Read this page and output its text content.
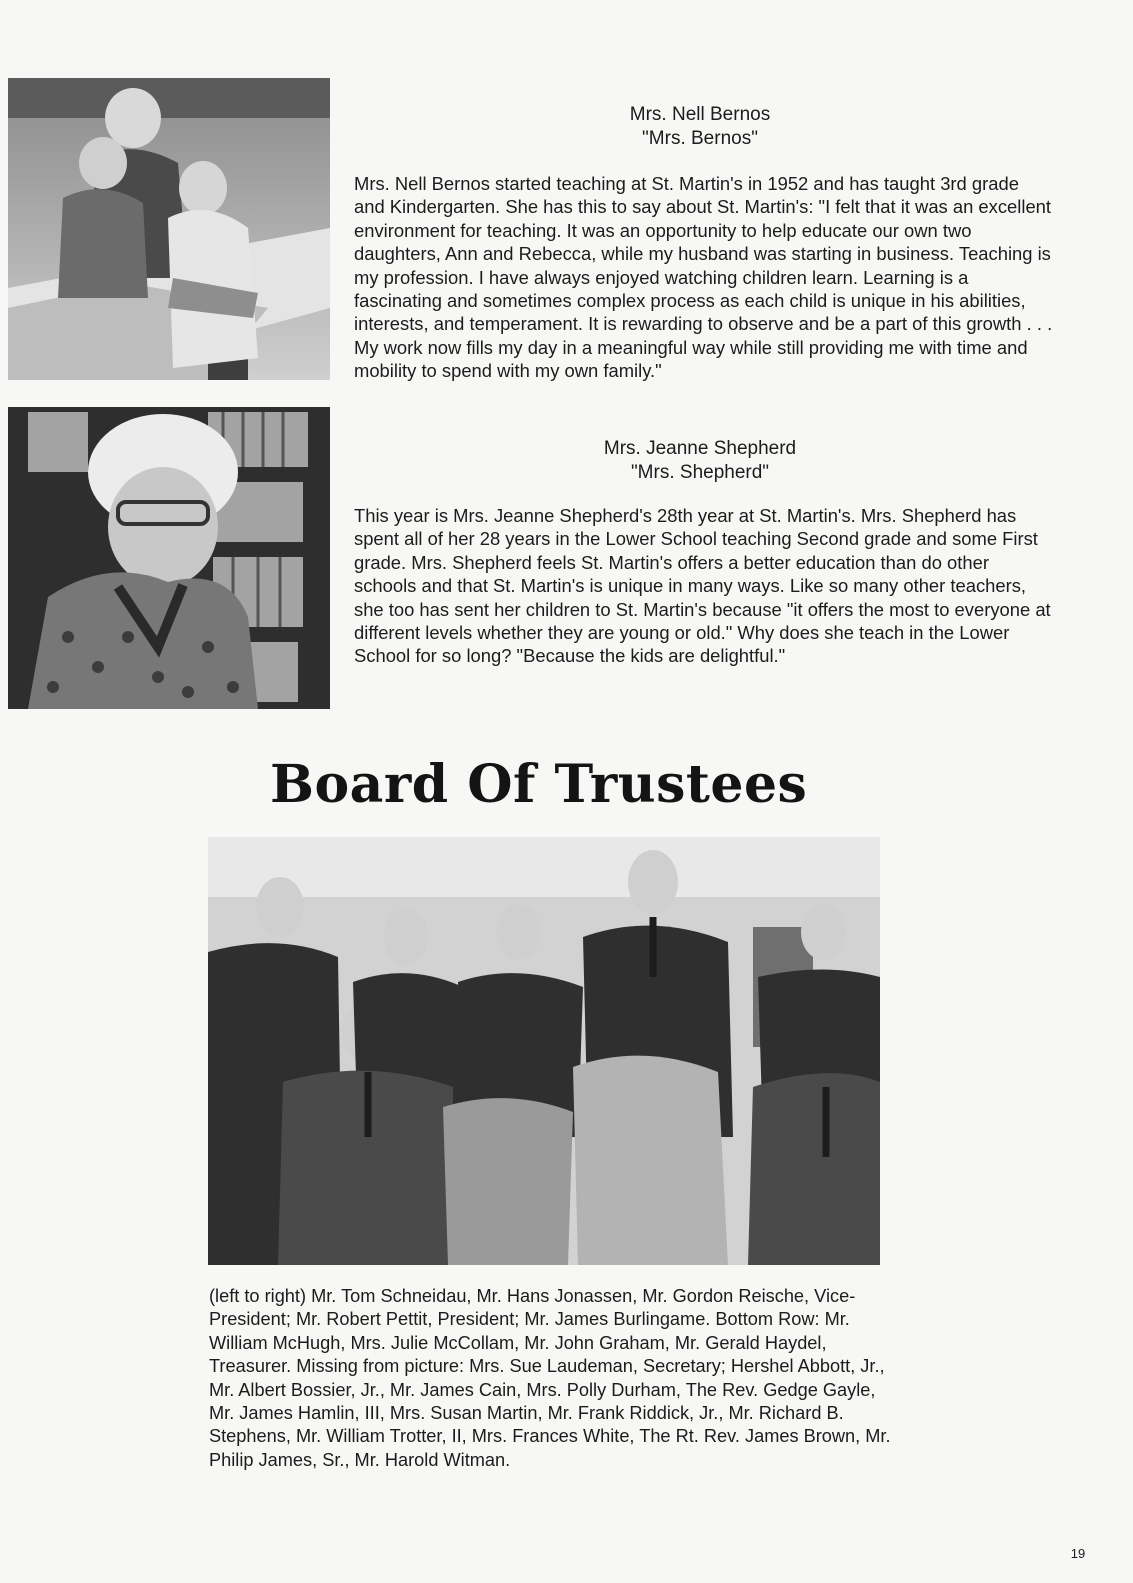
Mrs. Nell Bernos
"Mrs. Bernos"

Mrs. Nell Bernos started teaching at St. Martin's in 1952 and has taught 3rd grade and Kindergarten. She has this to say about St. Martin's: "I felt that it was an excellent environment for teaching. It was an opportunity to help educate our own two daughters, Ann and Rebecca, while my husband was starting in business. Teaching is my profession. I have always enjoyed watching children learn. Learning is a fascinating and sometimes complex process as each child is unique in his abilities, interests, and temperament. It is rewarding to observe and be a part of this growth . . . My work now fills my day in a meaningful way while still providing me with time and mobility to spend with my own family."

Mrs. Jeanne Shepherd
"Mrs. Shepherd"

This year is Mrs. Jeanne Shepherd's 28th year at St. Martin's. Mrs. Shepherd has spent all of her 28 years in the Lower School teaching Second grade and some First grade. Mrs. Shepherd feels St. Martin's offers a better education than do other schools and that St. Martin's is unique in many ways. Like so many other teachers, she too has sent her children to St. Martin's because "it offers the most to everyone at different levels whether they are young or old." Why does she teach in the Lower School for so long? "Because the kids are delightful."

Board Of Trustees

(left to right) Mr. Tom Schneidau, Mr. Hans Jonassen, Mr. Gordon Reische, Vice-President; Mr. Robert Pettit, President; Mr. James Burlingame. Bottom Row: Mr. William McHugh, Mrs. Julie McCollam, Mr. John Graham, Mr. Gerald Haydel, Treasurer. Missing from picture: Mrs. Sue Laudeman, Secretary; Hershel Abbott, Jr., Mr. Albert Bossier, Jr., Mr. James Cain, Mrs. Polly Durham, The Rev. Gedge Gayle, Mr. James Hamlin, III, Mrs. Susan Martin, Mr. Frank Riddick, Jr., Mr. Richard B. Stephens, Mr. William Trotter, II, Mrs. Frances White, The Rt. Rev. James Brown, Mr. Philip James, Sr., Mr. Harold Witman.

19
